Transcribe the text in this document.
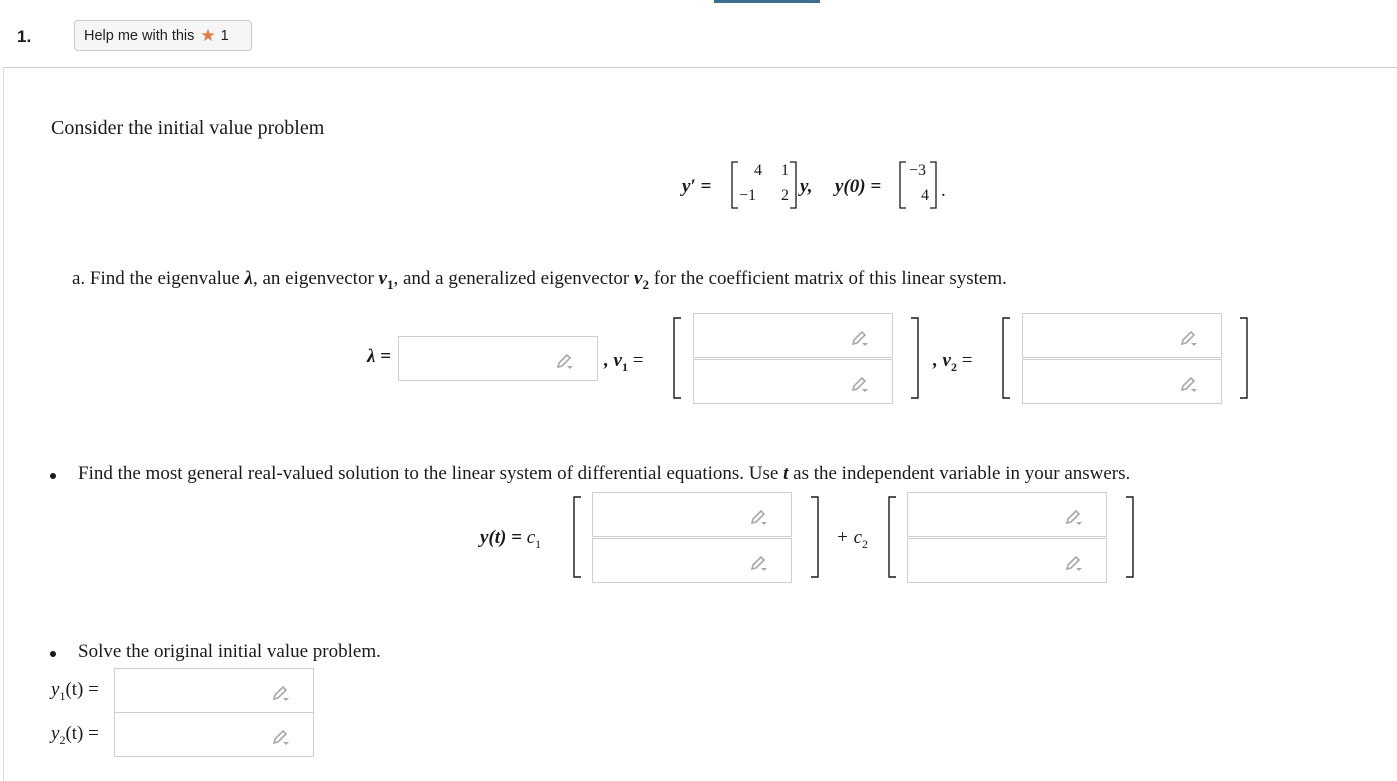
1.	Help me with this ★ 1
Consider the initial value problem
y′ =
4 1
−1 2 y, y(0) =
−3
4 .
a. Find the eigenvalue λ, an eigenvector $v_1$, and a generalized eigenvector $v_2$ for the coefficient matrix of this linear system.
λ =	, $v_1$ =	, $v_2$ =
Find the most general real-valued solution to the linear system of differential equations. Use t as the independent variable in your answers.
$y(t) = c_1$	+ $c_2$
Solve the original initial value problem.
$y_1(t)$ =
$y_2(t)$ =
